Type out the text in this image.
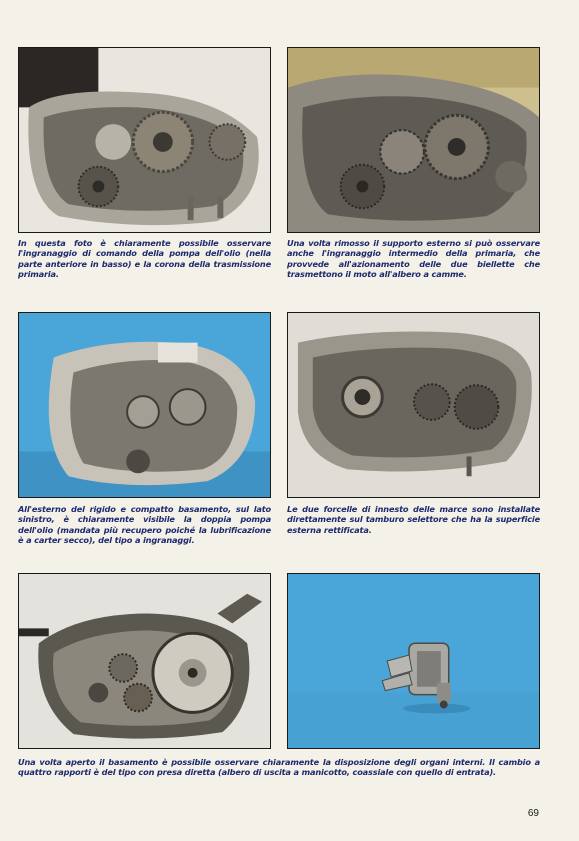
In questa foto è chiaramente possibile osservare l'ingranaggio di comando della pompa dell'olio (nella parte anteriore in basso) e la corona della trasmissione primaria.

Una volta rimosso il supporto esterno si può osservare anche l'ingranaggio intermedio della primaria, che provvede all'azionamento delle due biellette che trasmettono il moto all'albero a camme.

All'esterno del rigido e compatto basamento, sul lato sinistro, è chiaramente visibile la doppia pompa dell'olio (mandata più recupero poiché la lubrificazione è a carter secco), del tipo a ingranaggi.

Le due forcelle di innesto delle marce sono installate direttamente sul tamburo selettore che ha la superficie esterna rettificata.

Una volta aperto il basamento è possibile osservare chiaramente la disposizione degli organi interni. Il cambio a quattro rapporti è del tipo con presa diretta (albero di uscita a manicotto, coassiale con quello di entrata).

69
